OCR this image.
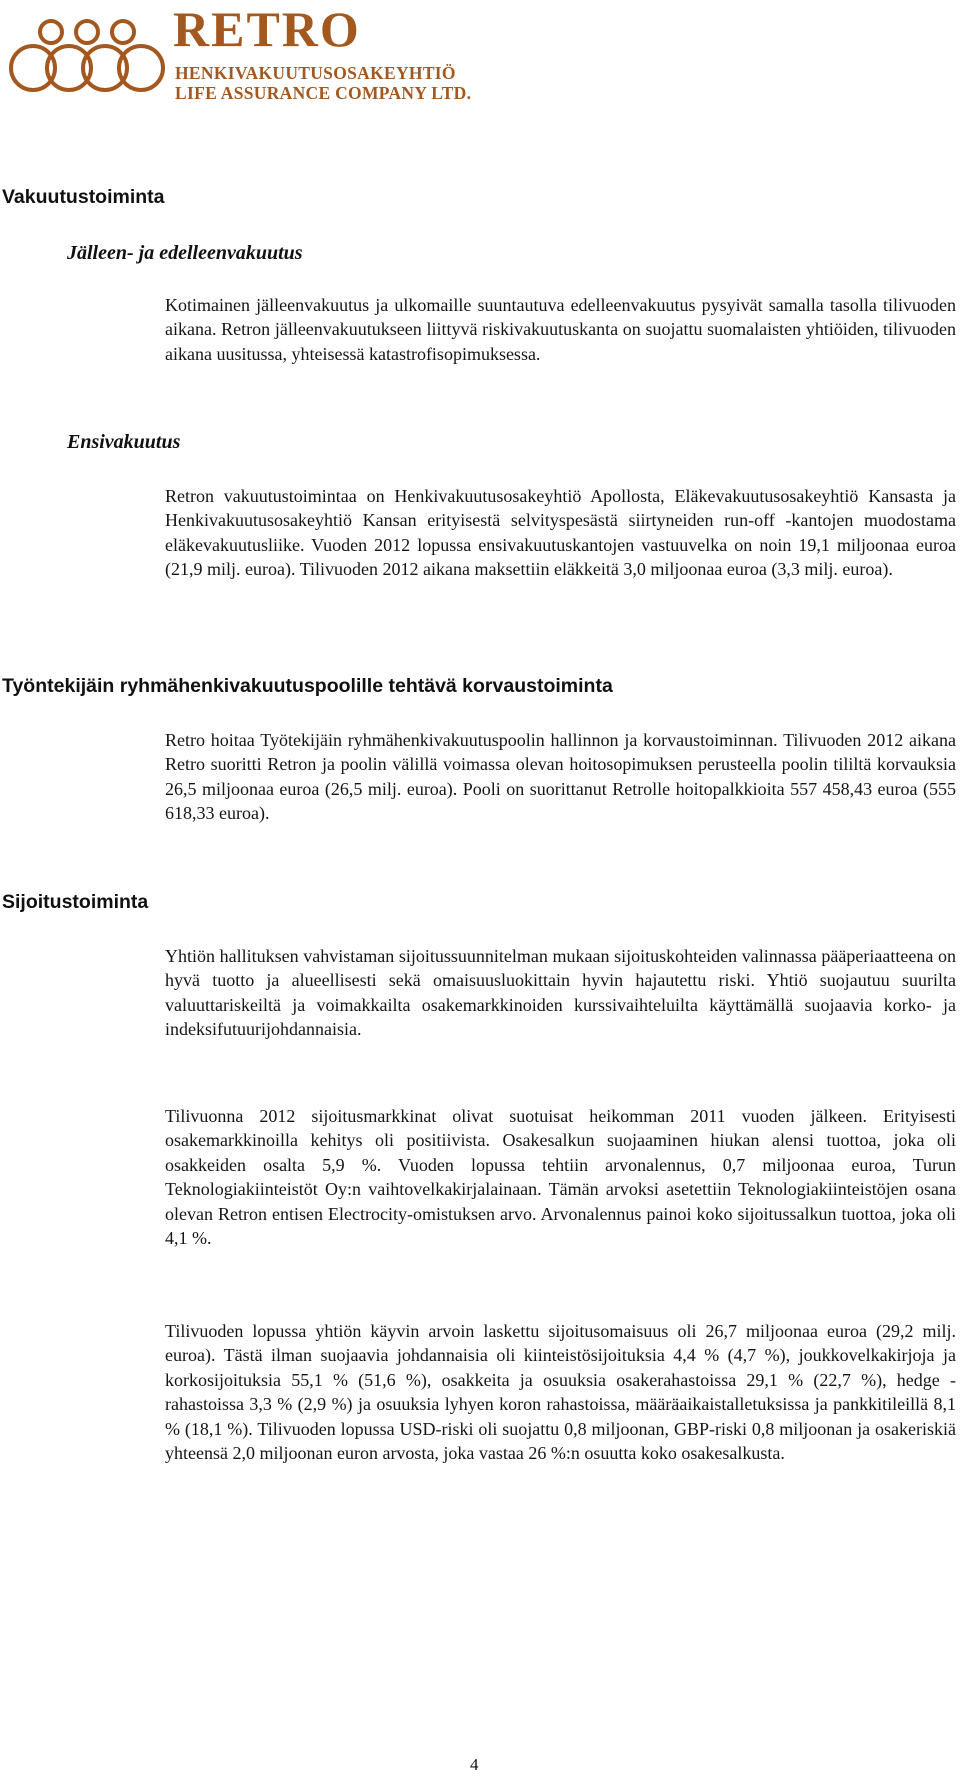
RETRO
HENKIVAKUUTUSOSAKEYHTIÖ
LIFE ASSURANCE COMPANY LTD.
Vakuutustoiminta
Jälleen- ja edelleenvakuutus

Kotimainen jälleenvakuutus ja ulkomaille suuntautuva edelleenvakuutus pysyivät samalla tasolla tilivuoden aikana. Retron jälleenvakuutukseen liittyvä riskivakuutuskanta on suojattu suomalaisten yhtiöiden, tilivuoden aikana uusitussa, yhteisessä katastrofisopimuksessa.

Ensivakuutus

Retron vakuutustoimintaa on Henkivakuutusosakeyhtiö Apollosta, Eläkevakuutusosakeyhtiö Kansasta ja Henkivakuutusosakeyhtiö Kansan erityisestä selvityspesästä siirtyneiden run-off -kantojen muodostama eläkevakuutusliike. Vuoden 2012 lopussa ensivakuutuskantojen vastuuvelka on noin 19,1 miljoonaa euroa (21,9 milj. euroa). Tilivuoden 2012 aikana maksettiin eläkkeitä 3,0 miljoonaa euroa (3,3 milj. euroa).

Työntekijäin ryhmähenkivakuutuspoolille tehtävä korvaustoiminta

Retro hoitaa Työtekijäin ryhmähenkivakuutuspoolin hallinnon ja korvaustoiminnan. Tilivuoden 2012 aikana Retro suoritti Retron ja poolin välillä voimassa olevan hoitosopimuksen perusteella poolin tililtä korvauksia 26,5 miljoonaa euroa (26,5 milj. euroa). Pooli on suorittanut Retrolle hoitopalkkioita 557 458,43 euroa (555 618,33 euroa).

Sijoitustoiminta

Yhtiön hallituksen vahvistaman sijoitussuunnitelman mukaan sijoituskohteiden valinnassa pääperiaatteena on hyvä tuotto ja alueellisesti sekä omaisuusluokittain hyvin hajautettu riski. Yhtiö suojautuu suurilta valuuttariskeiltä ja voimakkailta osakemarkkinoiden kurssivaihteluilta käyttämällä suojaavia korko- ja indeksifutuurijohdannaisia.

Tilivuonna 2012 sijoitusmarkkinat olivat suotuisat heikomman 2011 vuoden jälkeen. Erityisesti osakemarkkinoilla kehitys oli positiivista. Osakesalkun suojaaminen hiukan alensi tuottoa, joka oli osakkeiden osalta 5,9 %. Vuoden lopussa tehtiin arvonalennus, 0,7 miljoonaa euroa, Turun Teknologiakiinteistöt Oy:n vaihtovelkakirjalainaan. Tämän arvoksi asetettiin Teknologiakiinteistöjen osana olevan Retron entisen Electrocity-omistuksen arvo. Arvonalennus painoi koko sijoitussalkun tuottoa, joka oli 4,1 %.

Tilivuoden lopussa yhtiön käyvin arvoin laskettu sijoitusomaisuus oli 26,7 miljoonaa euroa (29,2 milj. euroa). Tästä ilman suojaavia johdannaisia oli kiinteistösijoituksia 4,4 % (4,7 %), joukkovelkakirjoja ja korkosijoituksia 55,1 % (51,6 %), osakkeita ja osuuksia osakerahastoissa 29,1 % (22,7 %), hedge - rahastoissa 3,3 % (2,9 %) ja osuuksia lyhyen koron rahastoissa, määräaikaistalletuksissa ja pankkitileillä 8,1 % (18,1 %). Tilivuoden lopussa USD-riski oli suojattu 0,8 miljoonan, GBP-riski 0,8 miljoonan ja osakeriskiä yhteensä 2,0 miljoonan euron arvosta, joka vastaa 26 %:n osuutta koko osakesalkusta.

4
